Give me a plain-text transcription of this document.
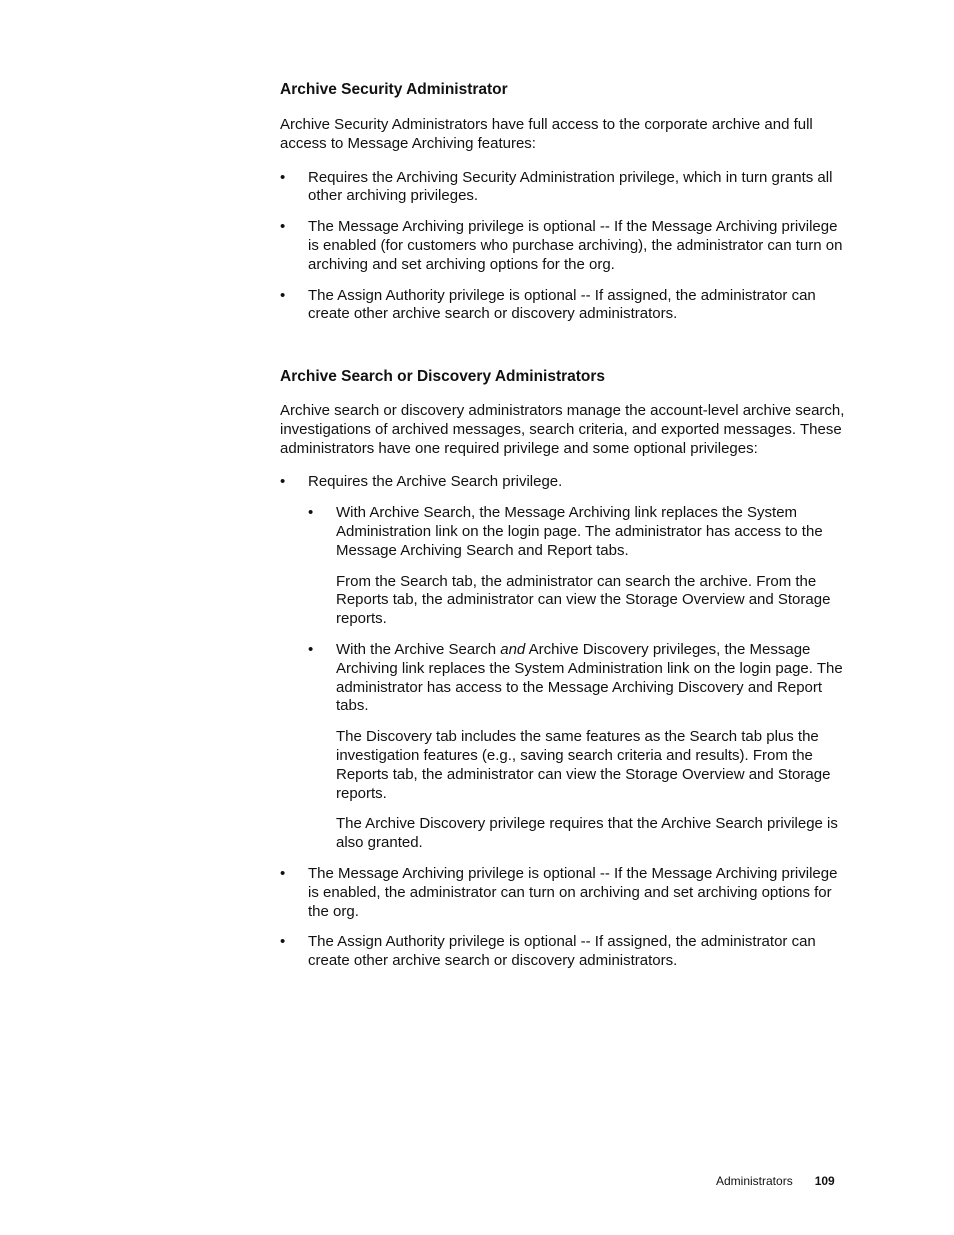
Archive Security Administrator

Archive Security Administrators have full access to the corporate archive and full access to Message Archiving features:

•	Requires the Archiving Security Administration privilege, which in turn grants all other archiving privileges.
•	The Message Archiving privilege is optional -- If the Message Archiving privilege is enabled (for customers who purchase archiving), the administrator can turn on archiving and set archiving options for the org.
•	The Assign Authority privilege is optional -- If assigned, the administrator can create other archive search or discovery administrators.
Archive Search or Discovery Administrators

Archive search or discovery administrators manage the account-level archive search, investigations of archived messages, search criteria, and exported messages. These administrators have one required privilege and some optional privileges:

•	Requires the Archive Search privilege.
•	With Archive Search, the Message Archiving link replaces the System Administration link on the login page. The administrator has access to the Message Archiving Search and Report tabs.

From the Search tab, the administrator can search the archive. From the Reports tab, the administrator can view the Storage Overview and Storage reports.

•	With the Archive Search and Archive Discovery privileges, the Message Archiving link replaces the System Administration link on the login page. The administrator has access to the Message Archiving Discovery and Report tabs.

The Discovery tab includes the same features as the Search tab plus the investigation features (e.g., saving search criteria and results). From the Reports tab, the administrator can view the Storage Overview and Storage reports.

The Archive Discovery privilege requires that the Archive Search privilege is also granted.

•	The Message Archiving privilege is optional -- If the Message Archiving privilege is enabled, the administrator can turn on archiving and set archiving options for the org.
•	The Assign Authority privilege is optional -- If assigned, the administrator can create other archive search or discovery administrators.
Administrators 109
